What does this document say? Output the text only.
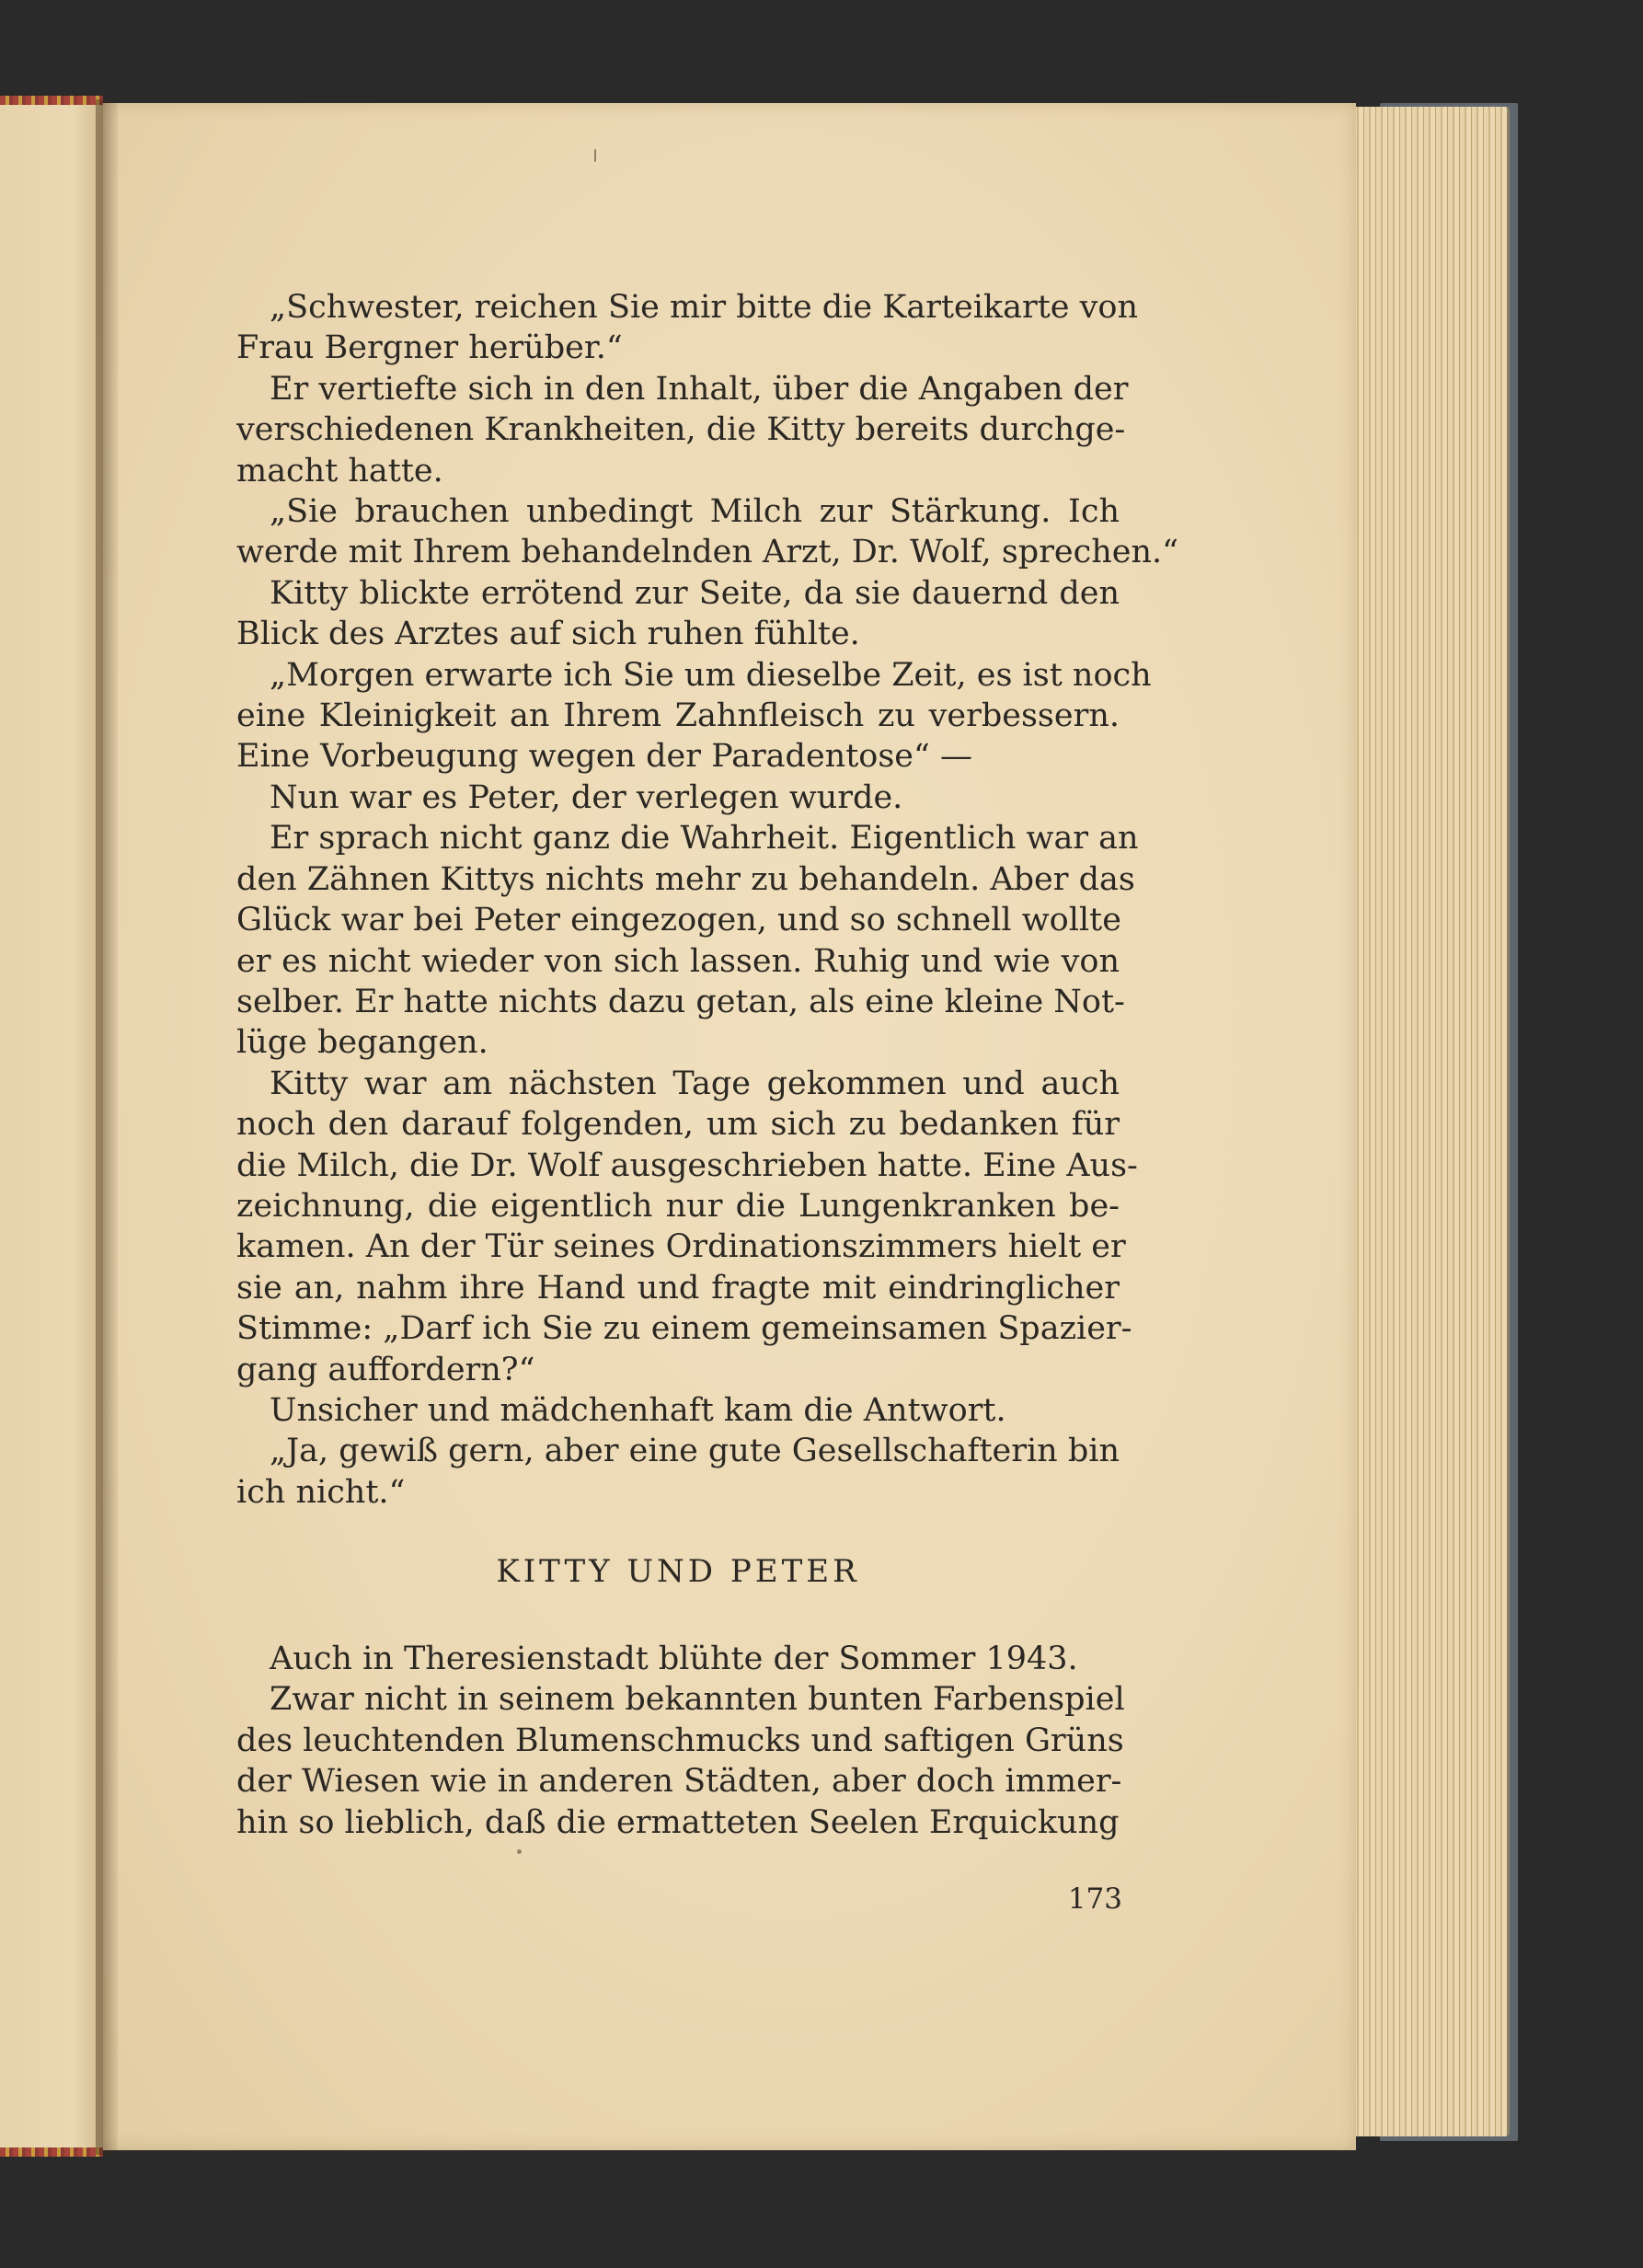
„Schwester, reichen Sie mir bitte die Karteikarte von
Frau Bergner herüber.“
Er vertiefte sich in den Inhalt, über die Angaben der
verschiedenen Krankheiten, die Kitty bereits durchge-
macht hatte.
„Sie brauchen unbedingt Milch zur Stärkung. Ich
werde mit Ihrem behandelnden Arzt, Dr. Wolf, sprechen.“
Kitty blickte errötend zur Seite, da sie dauernd den
Blick des Arztes auf sich ruhen fühlte.
„Morgen erwarte ich Sie um dieselbe Zeit, es ist noch
eine Kleinigkeit an Ihrem Zahnfleisch zu verbessern.
Eine Vorbeugung wegen der Paradentose“ —
Nun war es Peter, der verlegen wurde.
Er sprach nicht ganz die Wahrheit. Eigentlich war an
den Zähnen Kittys nichts mehr zu behandeln. Aber das
Glück war bei Peter eingezogen, und so schnell wollte
er es nicht wieder von sich lassen. Ruhig und wie von
selber. Er hatte nichts dazu getan, als eine kleine Not-
lüge begangen.
Kitty war am nächsten Tage gekommen und auch
noch den darauf folgenden, um sich zu bedanken für
die Milch, die Dr. Wolf ausgeschrieben hatte. Eine Aus-
zeichnung, die eigentlich nur die Lungenkranken be-
kamen. An der Tür seines Ordinationszimmers hielt er
sie an, nahm ihre Hand und fragte mit eindringlicher
Stimme: „Darf ich Sie zu einem gemeinsamen Spazier-
gang auffordern?“
Unsicher und mädchenhaft kam die Antwort.
„Ja, gewiß gern, aber eine gute Gesellschafterin bin
ich nicht.“
KITTY UND PETER
Auch in Theresienstadt blühte der Sommer 1943.
Zwar nicht in seinem bekannten bunten Farbenspiel
des leuchtenden Blumenschmucks und saftigen Grüns
der Wiesen wie in anderen Städten, aber doch immer-
hin so lieblich, daß die ermatteten Seelen Erquickung
173
